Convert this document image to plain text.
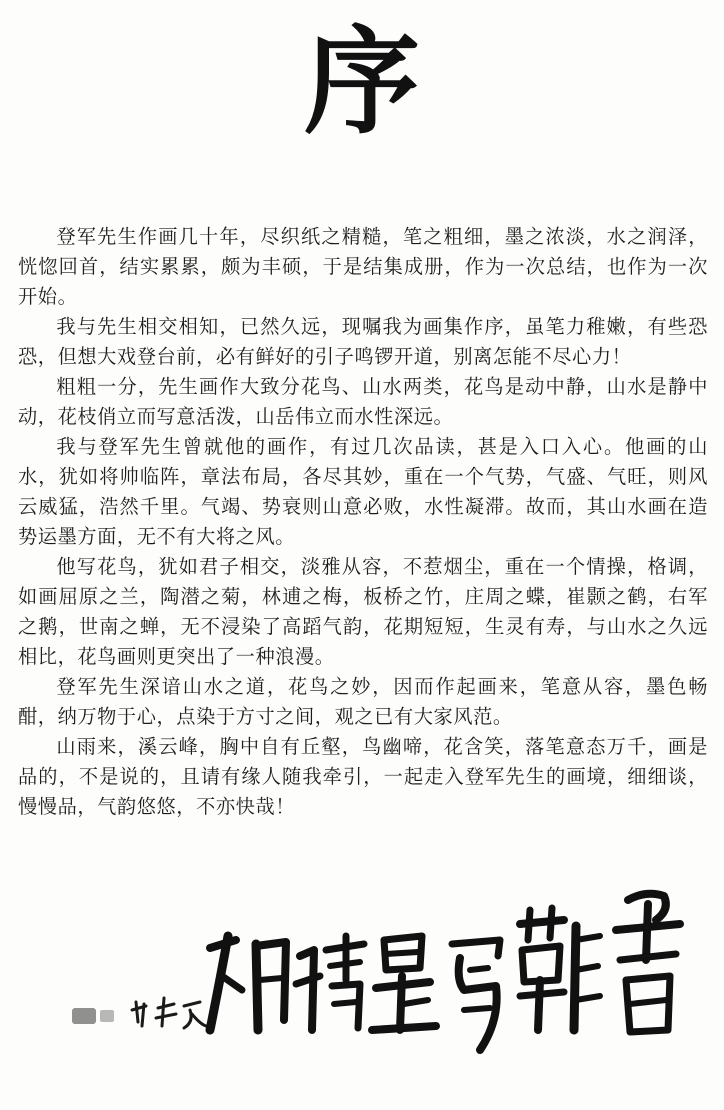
序

登军先生作画几十年，尽织纸之精糙，笔之粗细，墨之浓淡，水之润泽，恍惚回首，结实累累，颇为丰硕，于是结集成册，作为一次总结，也作为一次开始。

我与先生相交相知，已然久远，现嘱我为画集作序，虽笔力稚嫩，有些恐恐，但想大戏登台前，必有鲜好的引子鸣锣开道，别离怎能不尽心力！

粗粗一分，先生画作大致分花鸟、山水两类，花鸟是动中静，山水是静中动，花枝俏立而写意活泼，山岳伟立而水性深远。

我与登军先生曾就他的画作，有过几次品读，甚是入口入心。他画的山水，犹如将帅临阵，章法布局，各尽其妙，重在一个气势，气盛、气旺，则风云威猛，浩然千里。气竭、势衰则山意必败，水性凝滞。故而，其山水画在造势运墨方面，无不有大将之风。

他写花鸟，犹如君子相交，淡雅从容，不惹烟尘，重在一个情操，格调，如画屈原之兰，陶潜之菊，林逋之梅，板桥之竹，庄周之蝶，崔颢之鹤，右军之鹅，世南之蝉，无不浸染了高蹈气韵，花期短短，生灵有寿，与山水之久远相比，花鸟画则更突出了一种浪漫。

登军先生深谙山水之道，花鸟之妙，因而作起画来，笔意从容，墨色畅酣，纳万物于心，点染于方寸之间，观之已有大家风范。

山雨来，溪云峰，胸中自有丘壑，鸟幽啼，花含笑，落笔意态万千，画是品的，不是说的，且请有缘人随我牵引，一起走入登军先生的画境，细细谈，慢慢品，气韵悠悠，不亦快哉！
